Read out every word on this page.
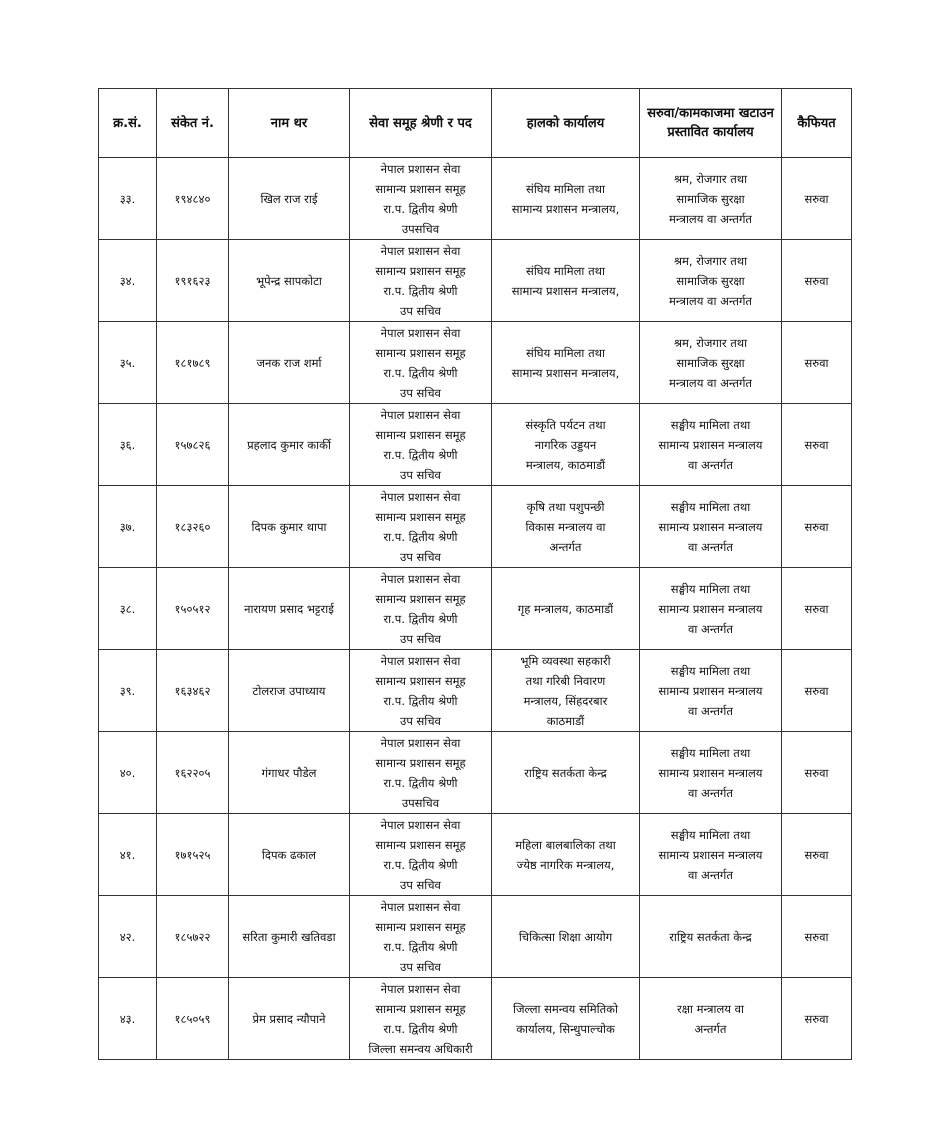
क्र.सं.	संकेत नं.	नाम थर	सेवा समूह श्रेणी र पद	हालको कार्यालय	सरुवा/कामकाजमा खटाउन प्रस्तावित कार्यालय	कैफियत
३३.	१९४८४०	खिल राज राई	नेपाल प्रशासन सेवा
सामान्य प्रशासन समूह
रा.प. द्वितीय श्रेणी
उपसचिव	संघिय मामिला तथा
सामान्य प्रशासन मन्त्रालय,	श्रम, रोजगार तथा
सामाजिक सुरक्षा
मन्त्रालय वा अन्तर्गत	सरुवा
३४.	१९१६२३	भूपेन्द्र सापकोटा	नेपाल प्रशासन सेवा
सामान्य प्रशासन समूह
रा.प. द्वितीय श्रेणी
उप सचिव	संघिय मामिला तथा
सामान्य प्रशासन मन्त्रालय,	श्रम, रोजगार तथा
सामाजिक सुरक्षा
मन्त्रालय वा अन्तर्गत	सरुवा
३५.	१८१७८९	जनक राज शर्मा	नेपाल प्रशासन सेवा
सामान्य प्रशासन समूह
रा.प. द्वितीय श्रेणी
उप सचिव	संघिय मामिला तथा
सामान्य प्रशासन मन्त्रालय,	श्रम, रोजगार तथा
सामाजिक सुरक्षा
मन्त्रालय वा अन्तर्गत	सरुवा
३६.	१५७८२६	प्रहलाद कुमार कार्की	नेपाल प्रशासन सेवा
सामान्य प्रशासन समूह
रा.प. द्वितीय श्रेणी
उप सचिव	संस्कृति पर्यटन तथा
नागरिक उड्डयन
मन्त्रालय, काठमाडौं	सङ्घीय मामिला तथा
सामान्य प्रशासन मन्त्रालय
वा अन्तर्गत	सरुवा
३७.	१८३२६०	दिपक कुमार थापा	नेपाल प्रशासन सेवा
सामान्य प्रशासन समूह
रा.प. द्वितीय श्रेणी
उप सचिव	कृषि तथा पशुपन्छी
विकास मन्त्रालय वा
अन्तर्गत	सङ्घीय मामिला तथा
सामान्य प्रशासन मन्त्रालय
वा अन्तर्गत	सरुवा
३८.	१५०५१२	नारायण प्रसाद भट्टराई	नेपाल प्रशासन सेवा
सामान्य प्रशासन समूह
रा.प. द्वितीय श्रेणी
उप सचिव	गृह मन्त्रालय, काठमाडौं	सङ्घीय मामिला तथा
सामान्य प्रशासन मन्त्रालय
वा अन्तर्गत	सरुवा
३९.	१६३४६२	टोलराज उपाध्याय	नेपाल प्रशासन सेवा
सामान्य प्रशासन समूह
रा.प. द्वितीय श्रेणी
उप सचिव	भूमि व्यवस्था सहकारी
तथा गरिबी निवारण
मन्त्रालय, सिंहदरबार
काठमाडौं	सङ्घीय मामिला तथा
सामान्य प्रशासन मन्त्रालय
वा अन्तर्गत	सरुवा
४०.	१६२२०५	गंगाधर पौडेल	नेपाल प्रशासन सेवा
सामान्य प्रशासन समूह
रा.प. द्वितीय श्रेणी
उपसचिव	राष्ट्रिय सतर्कता केन्द्र	सङ्घीय मामिला तथा
सामान्य प्रशासन मन्त्रालय
वा अन्तर्गत	सरुवा
४१.	१७१५२५	दिपक ढकाल	नेपाल प्रशासन सेवा
सामान्य प्रशासन समूह
रा.प. द्वितीय श्रेणी
उप सचिव	महिला बालबालिका तथा
ज्येष्ठ नागरिक मन्त्रालय,	सङ्घीय मामिला तथा
सामान्य प्रशासन मन्त्रालय
वा अन्तर्गत	सरुवा
४२.	१८५७२२	सरिता कुमारी खतिवडा	नेपाल प्रशासन सेवा
सामान्य प्रशासन समूह
रा.प. द्वितीय श्रेणी
उप सचिव	चिकित्सा शिक्षा आयोग	राष्ट्रिय सतर्कता केन्द्र	सरुवा
४३.	१८५०५९	प्रेम प्रसाद न्यौपाने	नेपाल प्रशासन सेवा
सामान्य प्रशासन समूह
रा.प. द्वितीय श्रेणी
जिल्ला समन्वय अधिकारी	जिल्ला समन्वय समितिको
कार्यालय, सिन्धुपाल्चोक	रक्षा मन्त्रालय वा
अन्तर्गत	सरुवा
